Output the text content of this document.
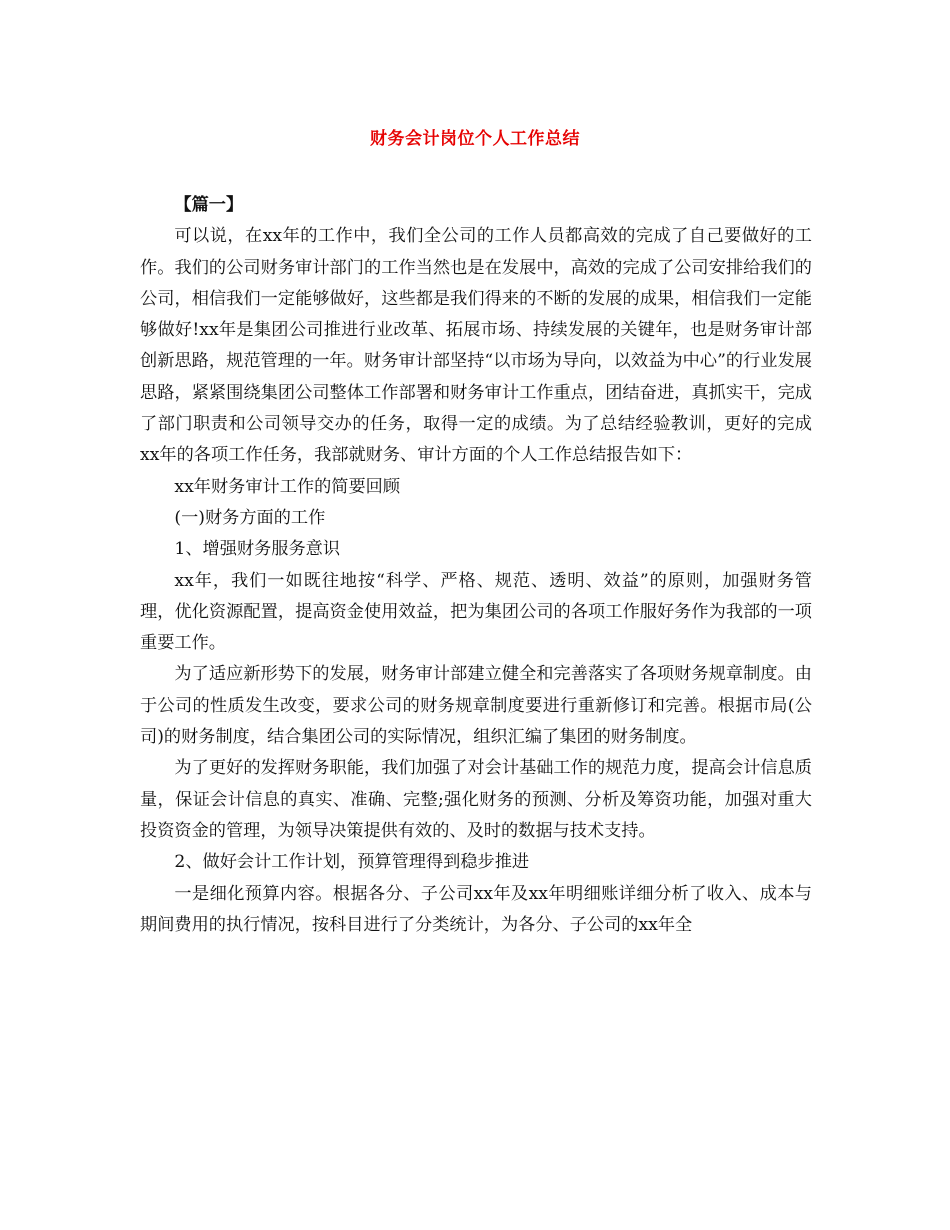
财务会计岗位个人工作总结

【篇一】

可以说，在xx年的工作中，我们全公司的工作人员都高效的完成了自己要做好的工作。我们的公司财务审计部门的工作当然也是在发展中，高效的完成了公司安排给我们的公司，相信我们一定能够做好，这些都是我们得来的不断的发展的成果，相信我们一定能够做好!xx年是集团公司推进行业改革、拓展市场、持续发展的关键年，也是财务审计部创新思路，规范管理的一年。财务审计部坚持“以市场为导向，以效益为中心”的行业发展思路，紧紧围绕集团公司整体工作部署和财务审计工作重点，团结奋进，真抓实干，完成了部门职责和公司领导交办的任务，取得一定的成绩。为了总结经验教训，更好的完成xx年的各项工作任务，我部就财务、审计方面的个人工作总结报告如下：

xx年财务审计工作的简要回顾

(一)财务方面的工作

1、增强财务服务意识

xx年，我们一如既往地按“科学、严格、规范、透明、效益”的原则，加强财务管理，优化资源配置，提高资金使用效益，把为集团公司的各项工作服好务作为我部的一项重要工作。

为了适应新形势下的发展，财务审计部建立健全和完善落实了各项财务规章制度。由于公司的性质发生改变，要求公司的财务规章制度要进行重新修订和完善。根据市局(公司)的财务制度，结合集团公司的实际情况，组织汇编了集团的财务制度。

为了更好的发挥财务职能，我们加强了对会计基础工作的规范力度，提高会计信息质量，保证会计信息的真实、准确、完整;强化财务的预测、分析及筹资功能，加强对重大投资资金的管理，为领导决策提供有效的、及时的数据与技术支持。

2、做好会计工作计划，预算管理得到稳步推进

一是细化预算内容。根据各分、子公司xx年及xx年明细账详细分析了收入、成本与期间费用的执行情况，按科目进行了分类统计，为各分、子公司的xx年全
